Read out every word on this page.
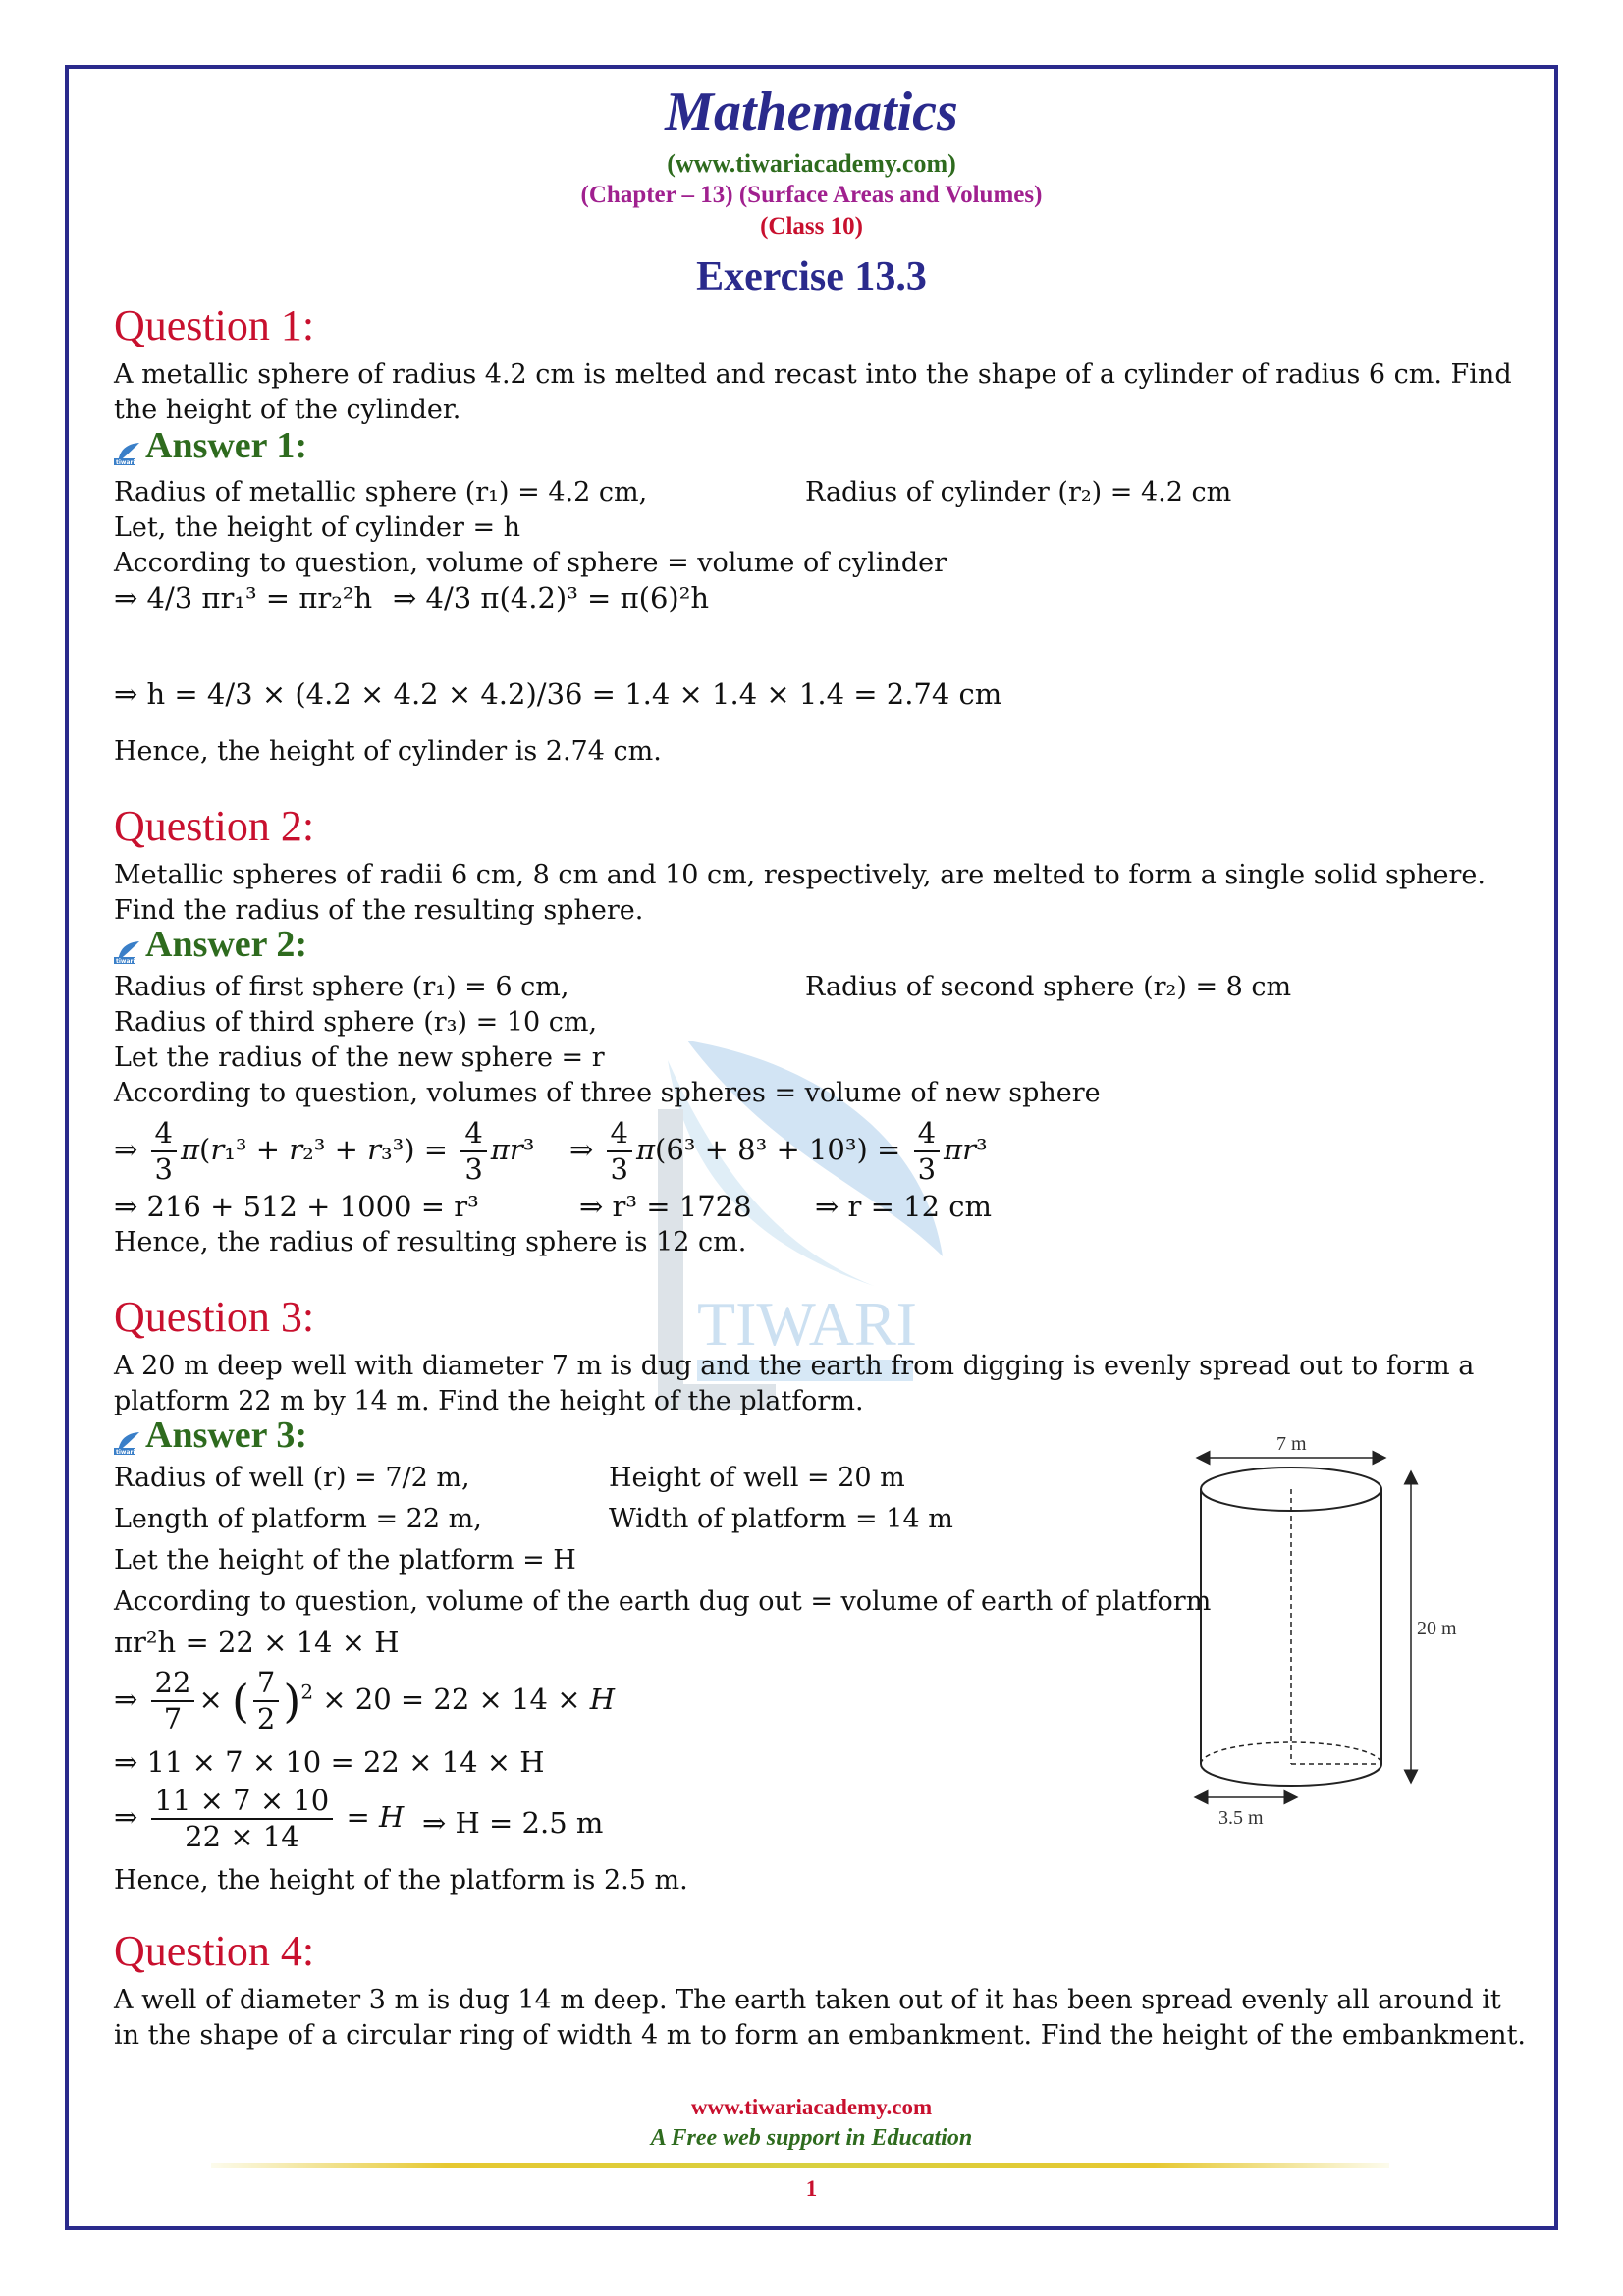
TIWARI
Mathematics
(www.tiwariacademy.com)
(Chapter – 13) (Surface Areas and Volumes)
(Class 10)
Exercise 13.3
Question 1:
A metallic sphere of radius 4.2 cm is melted and recast into the shape of a cylinder of radius 6 cm. Find the height of the cylinder.
tiwari Answer 1:
Radius of metallic sphere (r₁) = 4.2 cm,	Radius of cylinder (r₂) = 4.2 cm
Let, the height of cylinder = h
According to question, volume of sphere = volume of cylinder
⇒ 4/3 πr₁³ = πr₂²h ⇒ 4/3 π(4.2)³ = π(6)²h
⇒ h = 4/3 × (4.2 × 4.2 × 4.2)/36 = 1.4 × 1.4 × 1.4 = 2.74 cm
Hence, the height of cylinder is 2.74 cm.
Question 2:
Metallic spheres of radii 6 cm, 8 cm and 10 cm, respectively, are melted to form a single solid sphere. Find the radius of the resulting sphere.
tiwari Answer 2:
Radius of first sphere (r₁) = 6 cm,	Radius of second sphere (r₂) = 8 cm
Radius of third sphere (r₃) = 10 cm,
Let the radius of the new sphere = r
According to question, volumes of three spheres = volume of new sphere
⇒ $\frac{4}{3} \pi(r_1^3 + r_2^3 + r_3^3) = \frac{4}{3} \pi r^3$ ⇒ $\frac{4}{3} \pi(6^3 + 8^3 + 10^3) = \frac{4}{3} \pi r^3$
⇒ 216 + 512 + 1000 = r³	⇒ r³ = 1728 ⇒ r = 12 cm
Hence, the radius of resulting sphere is 12 cm.
Question 3:
A 20 m deep well with diameter 7 m is dug and the earth from digging is evenly spread out to form a platform 22 m by 14 m. Find the height of the platform.
tiwari Answer 3:
Radius of well (r) = 7/2 m,	Height of well = 20 m
Length of platform = 22 m,	Width of platform = 14 m
Let the height of the platform = H
According to question, volume of the earth dug out = volume of earth of platform
πr²h = 22 × 14 × H
⇒ $\frac{22}{7}$ × ( $\frac{7}{2} )^2 \times 20 = 22 \times 14 \times H$
⇒ 11 × 7 × 10 = 22 × 14 × H
⇒ $\frac{11 \times 7 \times 10}{22 \times 14} = H$ ⇒ H = 2.5 m
Hence, the height of the platform is 2.5 m.
7 m
20 m
3.5 m
Question 4:
A well of diameter 3 m is dug 14 m deep. The earth taken out of it has been spread evenly all around it in the shape of a circular ring of width 4 m to form an embankment. Find the height of the embankment.
www.tiwariacademy.com
A Free web support in Education
1
